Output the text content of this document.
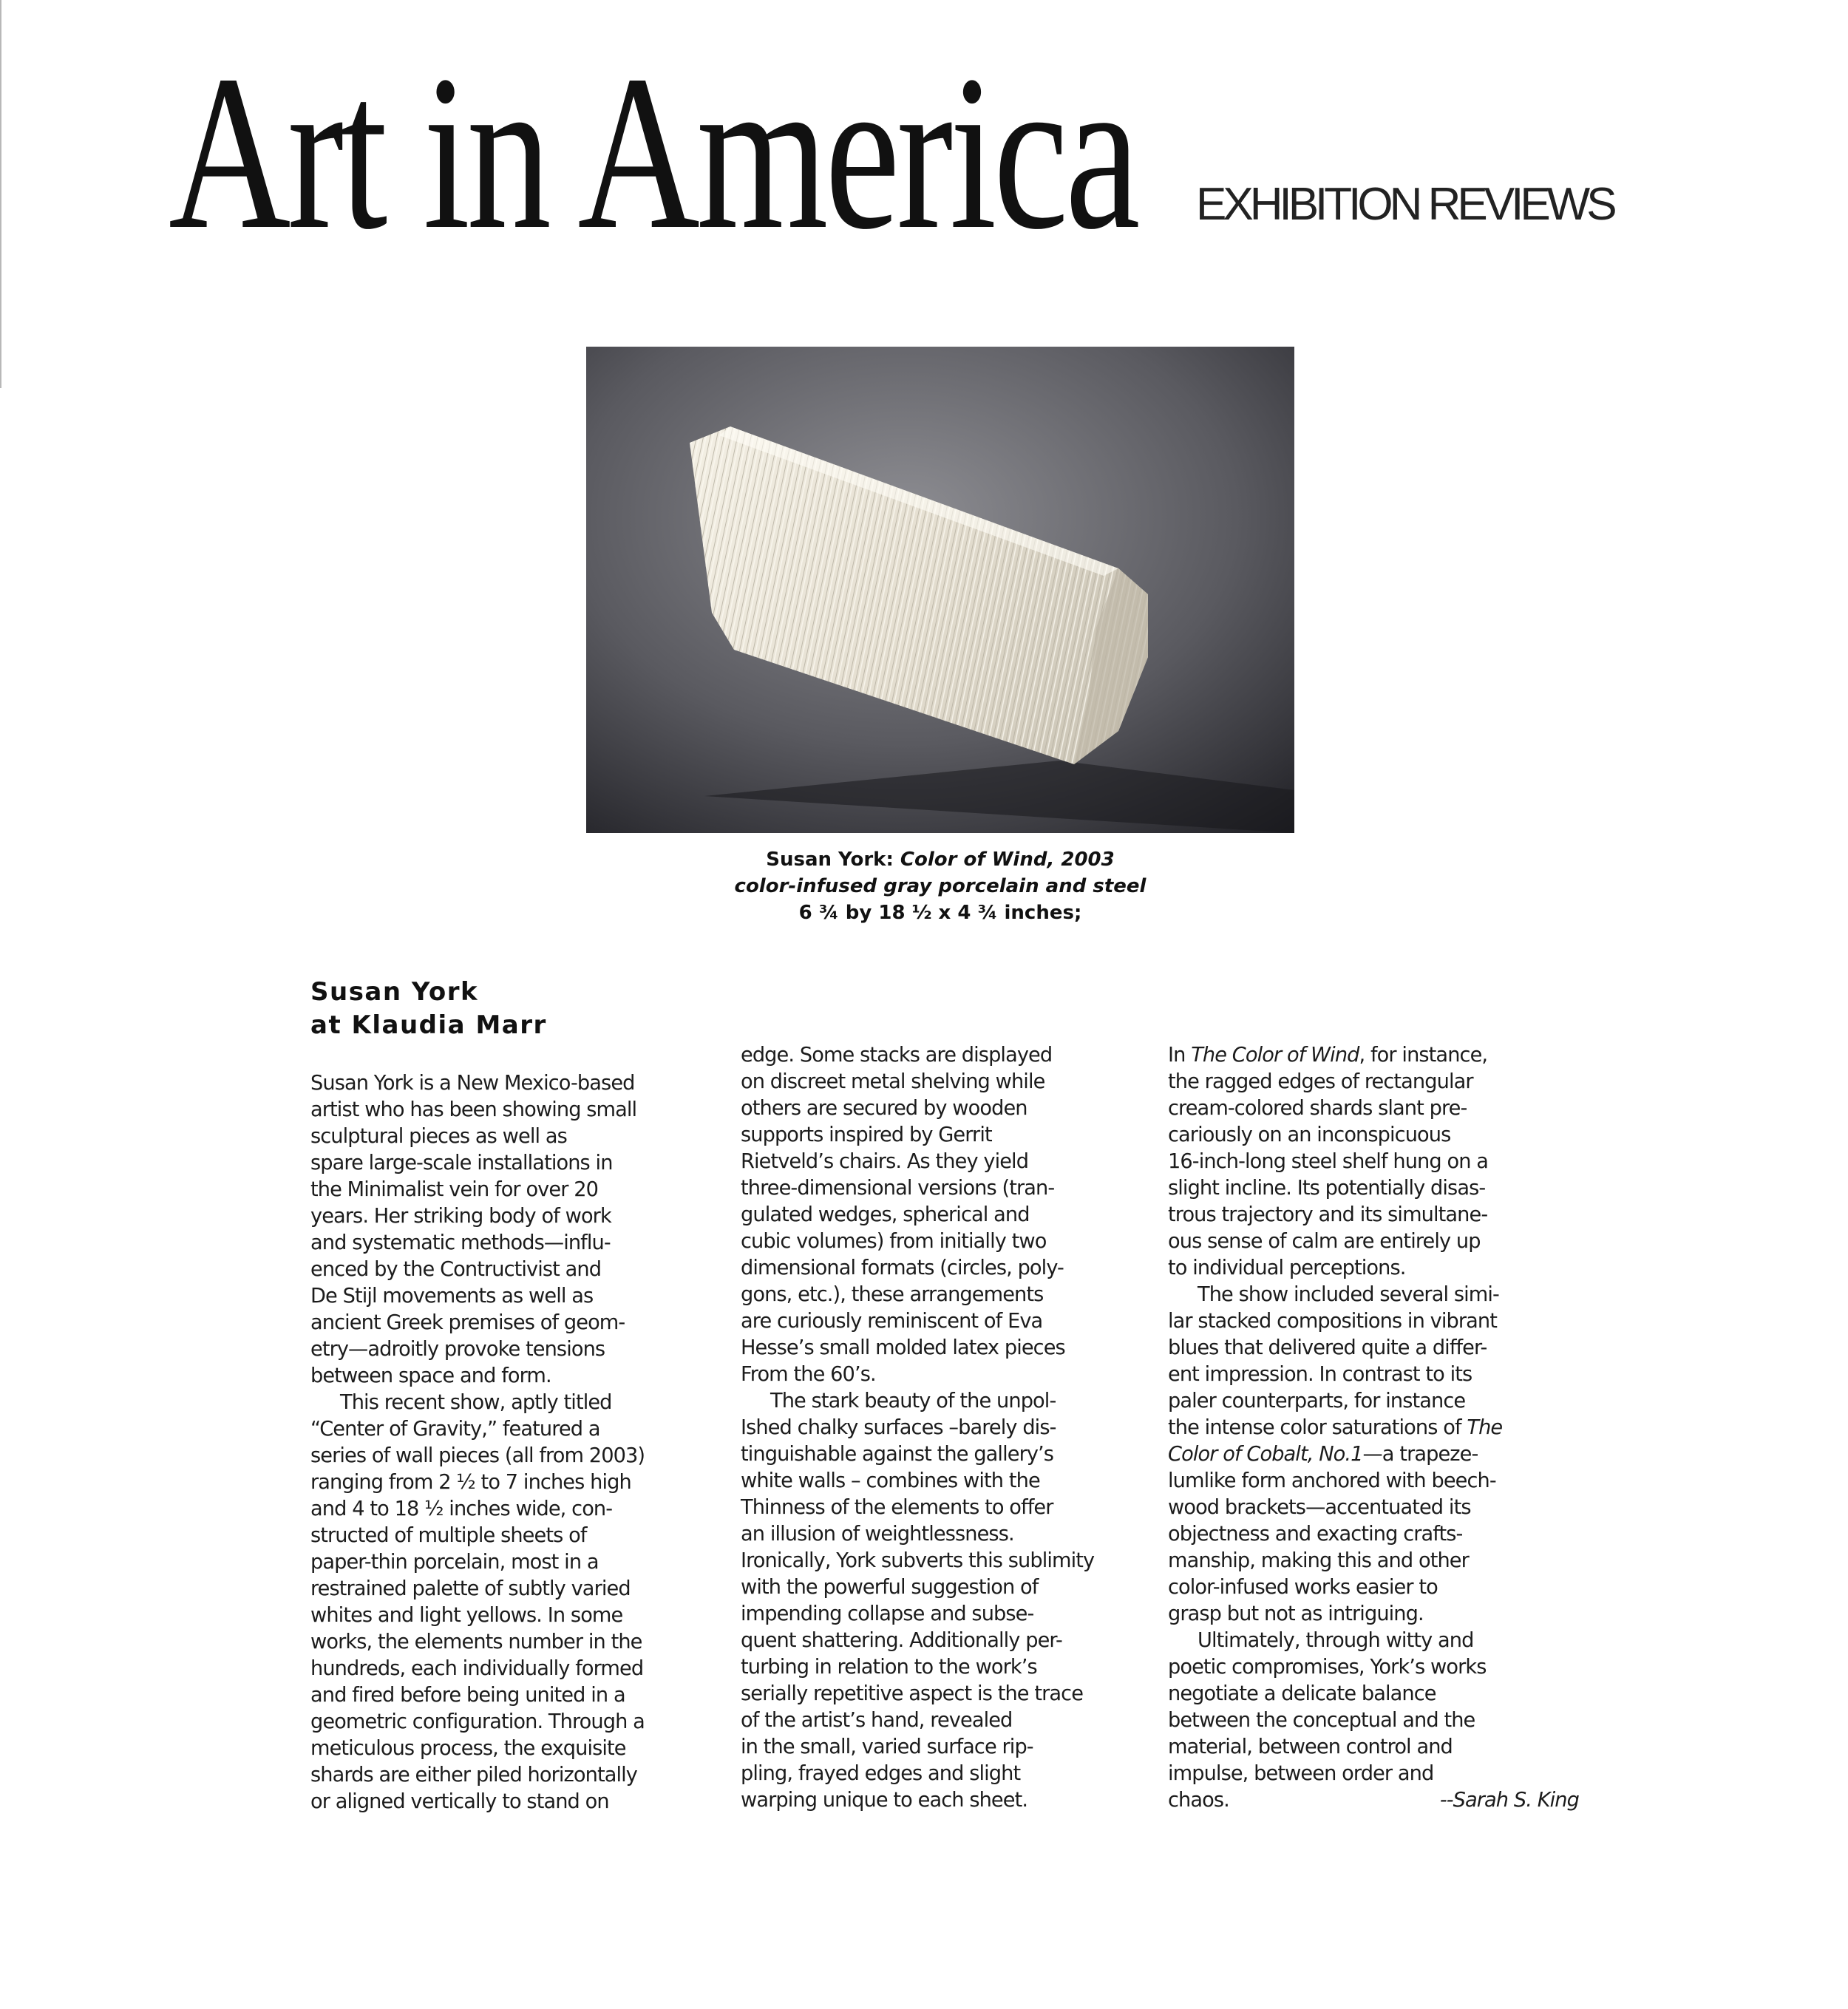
Art in America EXHIBITION REVIEWS
Susan York: Color of Wind, 2003
color-infused gray porcelain and steel
6 ¾ by 18 ½ x 4 ¾ inches;
Susan York
at Klaudia Marr
Susan York is a New Mexico-based
artist who has been showing small
sculptural pieces as well as
spare large-scale installations in
the Minimalist vein for over 20
years. Her striking body of work
and systematic methods—influ-
enced by the Contructivist and
De Stijl movements as well as
ancient Greek premises of geom-
etry—adroitly provoke tensions
between space and form.
This recent show, aptly titled
“Center of Gravity,” featured a
series of wall pieces (all from 2003)
ranging from 2 ½ to 7 inches high
and 4 to 18 ½ inches wide, con-
structed of multiple sheets of
paper-thin porcelain, most in a
restrained palette of subtly varied
whites and light yellows. In some
works, the elements number in the
hundreds, each individually formed
and fired before being united in a
geometric configuration. Through a
meticulous process, the exquisite
shards are either piled horizontally
or aligned vertically to stand on
edge. Some stacks are displayed
on discreet metal shelving while
others are secured by wooden
supports inspired by Gerrit
Rietveld’s chairs. As they yield
three-dimensional versions (tran-
gulated wedges, spherical and
cubic volumes) from initially two
dimensional formats (circles, poly-
gons, etc.), these arrangements
are curiously reminiscent of Eva
Hesse’s small molded latex pieces
From the 60’s.
The stark beauty of the unpol-
Ished chalky surfaces –barely dis-
tinguishable against the gallery’s
white walls – combines with the
Thinness of the elements to offer
an illusion of weightlessness.
Ironically, York subverts this sublimity
with the powerful suggestion of
impending collapse and subse-
quent shattering. Additionally per-
turbing in relation to the work’s
serially repetitive aspect is the trace
of the artist’s hand, revealed
in the small, varied surface rip-
pling, frayed edges and slight
warping unique to each sheet.
In The Color of Wind, for instance,
the ragged edges of rectangular
cream-colored shards slant pre-
cariously on an inconspicuous
16-inch-long steel shelf hung on a
slight incline. Its potentially disas-
trous trajectory and its simultane-
ous sense of calm are entirely up
to individual perceptions.
The show included several simi-
lar stacked compositions in vibrant
blues that delivered quite a differ-
ent impression. In contrast to its
paler counterparts, for instance
the intense color saturations of The
Color of Cobalt, No.1—a trapeze-
lumlike form anchored with beech-
wood brackets—accentuated its
objectness and exacting crafts-
manship, making this and other
color-infused works easier to
grasp but not as intriguing.
Ultimately, through witty and
poetic compromises, York’s works
negotiate a delicate balance
between the conceptual and the
material, between control and
impulse, between order and
chaos.	--Sarah S. King
